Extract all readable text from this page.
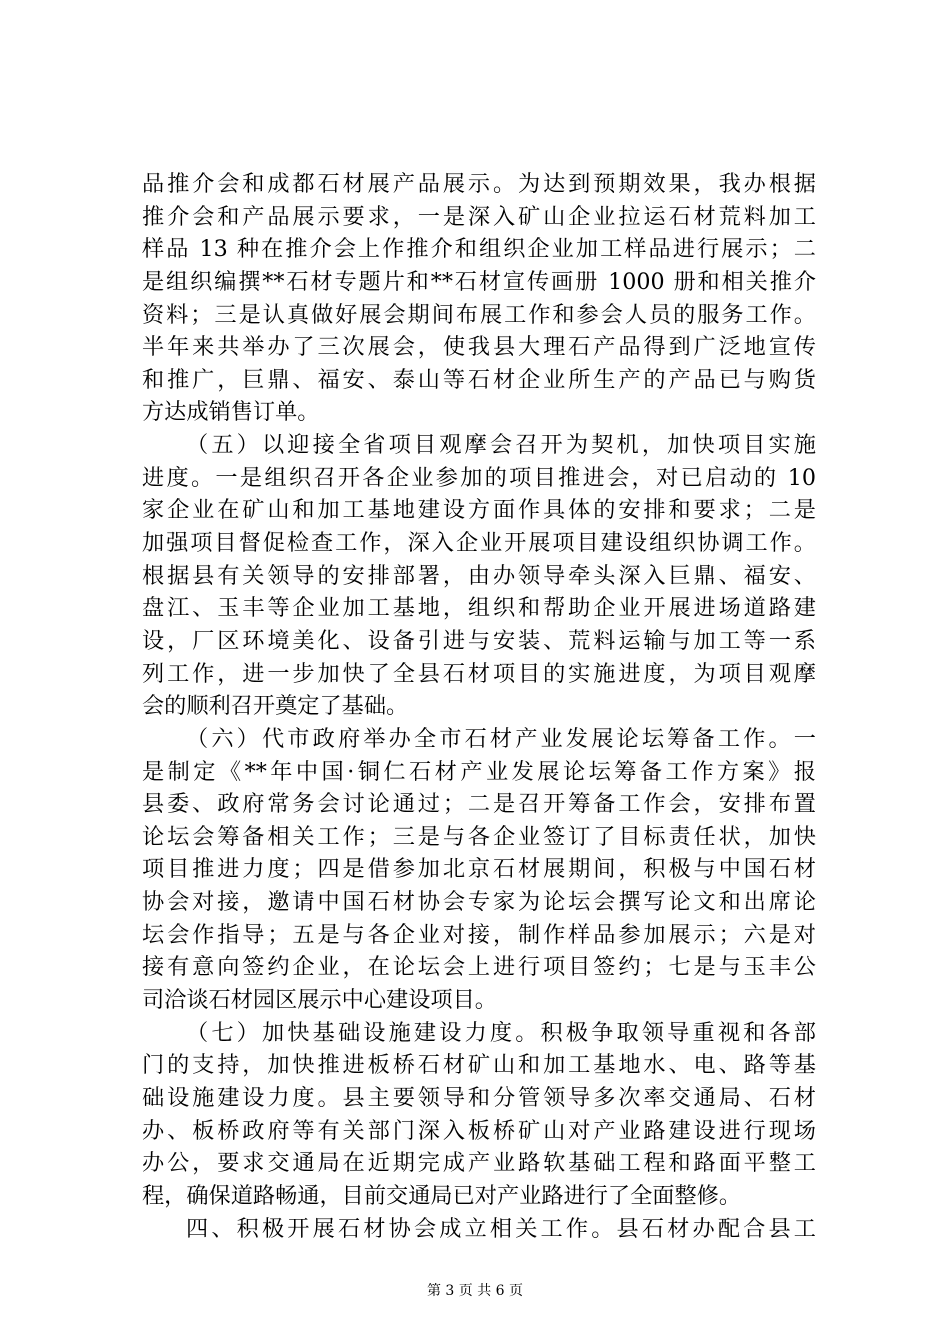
品推介会和成都石材展产品展示。为达到预期效果，我办根据
推介会和产品展示要求，一是深入矿山企业拉运石材荒料加工
样品 13 种在推介会上作推介和组织企业加工样品进行展示；二
是组织编撰**石材专题片和**石材宣传画册 1000 册和相关推介
资料；三是认真做好展会期间布展工作和参会人员的服务工作。
半年来共举办了三次展会，使我县大理石产品得到广泛地宣传
和推广，巨鼎、福安、泰山等石材企业所生产的产品已与购货
方达成销售订单。
（五）以迎接全省项目观摩会召开为契机，加快项目实施
进度。一是组织召开各企业参加的项目推进会，对已启动的 10
家企业在矿山和加工基地建设方面作具体的安排和要求；二是
加强项目督促检查工作，深入企业开展项目建设组织协调工作。
根据县有关领导的安排部署，由办领导牵头深入巨鼎、福安、
盘江、玉丰等企业加工基地，组织和帮助企业开展进场道路建
设，厂区环境美化、设备引进与安装、荒料运输与加工等一系
列工作，进一步加快了全县石材项目的实施进度，为项目观摩
会的顺利召开奠定了基础。
（六）代市政府举办全市石材产业发展论坛筹备工作。一
是制定《**年中国·铜仁石材产业发展论坛筹备工作方案》报
县委、政府常务会讨论通过；二是召开筹备工作会，安排布置
论坛会筹备相关工作；三是与各企业签订了目标责任状，加快
项目推进力度；四是借参加北京石材展期间，积极与中国石材
协会对接，邀请中国石材协会专家为论坛会撰写论文和出席论
坛会作指导；五是与各企业对接，制作样品参加展示；六是对
接有意向签约企业，在论坛会上进行项目签约；七是与玉丰公
司洽谈石材园区展示中心建设项目。
（七）加快基础设施建设力度。积极争取领导重视和各部
门的支持，加快推进板桥石材矿山和加工基地水、电、路等基
础设施建设力度。县主要领导和分管领导多次率交通局、石材
办、板桥政府等有关部门深入板桥矿山对产业路建设进行现场
办公，要求交通局在近期完成产业路软基础工程和路面平整工
程，确保道路畅通，目前交通局已对产业路进行了全面整修。
四、积极开展石材协会成立相关工作。县石材办配合县工
第 3 页 共 6 页
